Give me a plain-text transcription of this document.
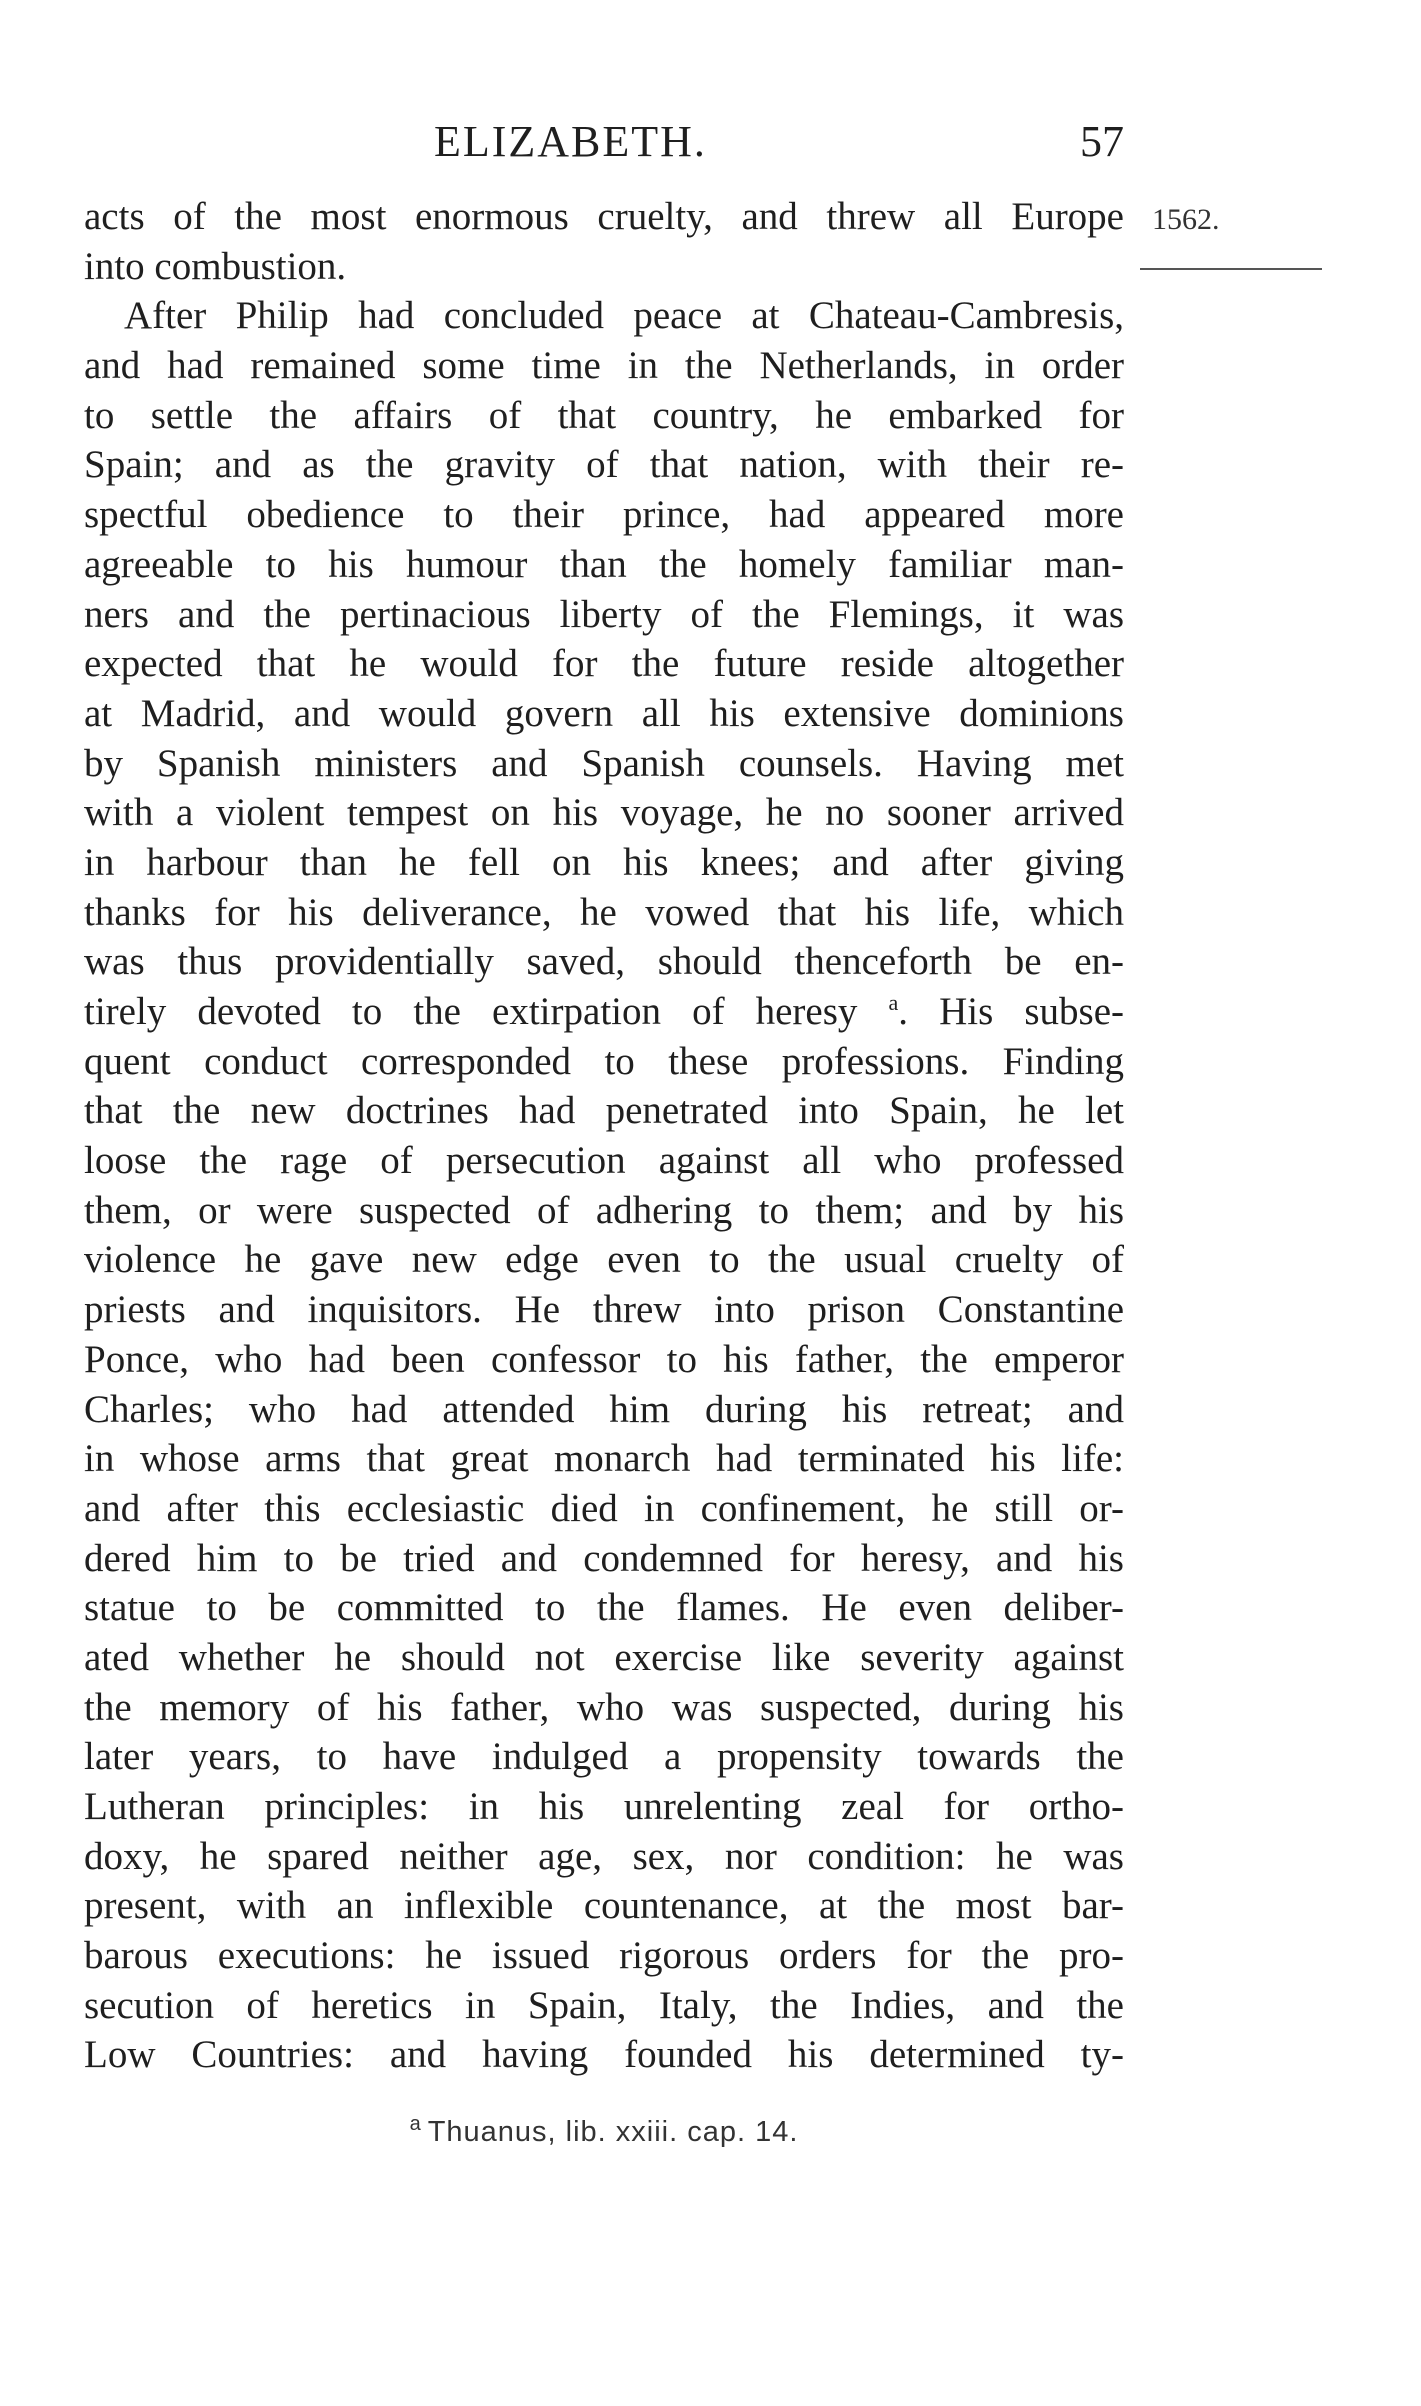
ELIZABETH.	57
1562.
acts of the most enormous cruelty, and threw all Europe
into combustion.
After Philip had concluded peace at Chateau-Cambresis,
and had remained some time in the Netherlands, in order
to settle the affairs of that country, he embarked for
Spain; and as the gravity of that nation, with their re-
spectful obedience to their prince, had appeared more
agreeable to his humour than the homely familiar man-
ners and the pertinacious liberty of the Flemings, it was
expected that he would for the future reside altogether
at Madrid, and would govern all his extensive dominions
by Spanish ministers and Spanish counsels. Having met
with a violent tempest on his voyage, he no sooner arrived
in harbour than he fell on his knees; and after giving
thanks for his deliverance, he vowed that his life, which
was thus providentially saved, should thenceforth be en-
tirely devoted to the extirpation of heresy $^a$. His subse-
quent conduct corresponded to these professions. Finding
that the new doctrines had penetrated into Spain, he let
loose the rage of persecution against all who professed
them, or were suspected of adhering to them; and by his
violence he gave new edge even to the usual cruelty of
priests and inquisitors. He threw into prison Constantine
Ponce, who had been confessor to his father, the emperor
Charles; who had attended him during his retreat; and
in whose arms that great monarch had terminated his life:
and after this ecclesiastic died in confinement, he still or-
dered him to be tried and condemned for heresy, and his
statue to be committed to the flames. He even deliber-
ated whether he should not exercise like severity against
the memory of his father, who was suspected, during his
later years, to have indulged a propensity towards the
Lutheran principles: in his unrelenting zeal for ortho-
doxy, he spared neither age, sex, nor condition: he was
present, with an inflexible countenance, at the most bar-
barous executions: he issued rigorous orders for the pro-
secution of heretics in Spain, Italy, the Indies, and the
Low Countries: and having founded his determined ty-
$^a$ Thuanus, lib. xxiii. cap. 14.
